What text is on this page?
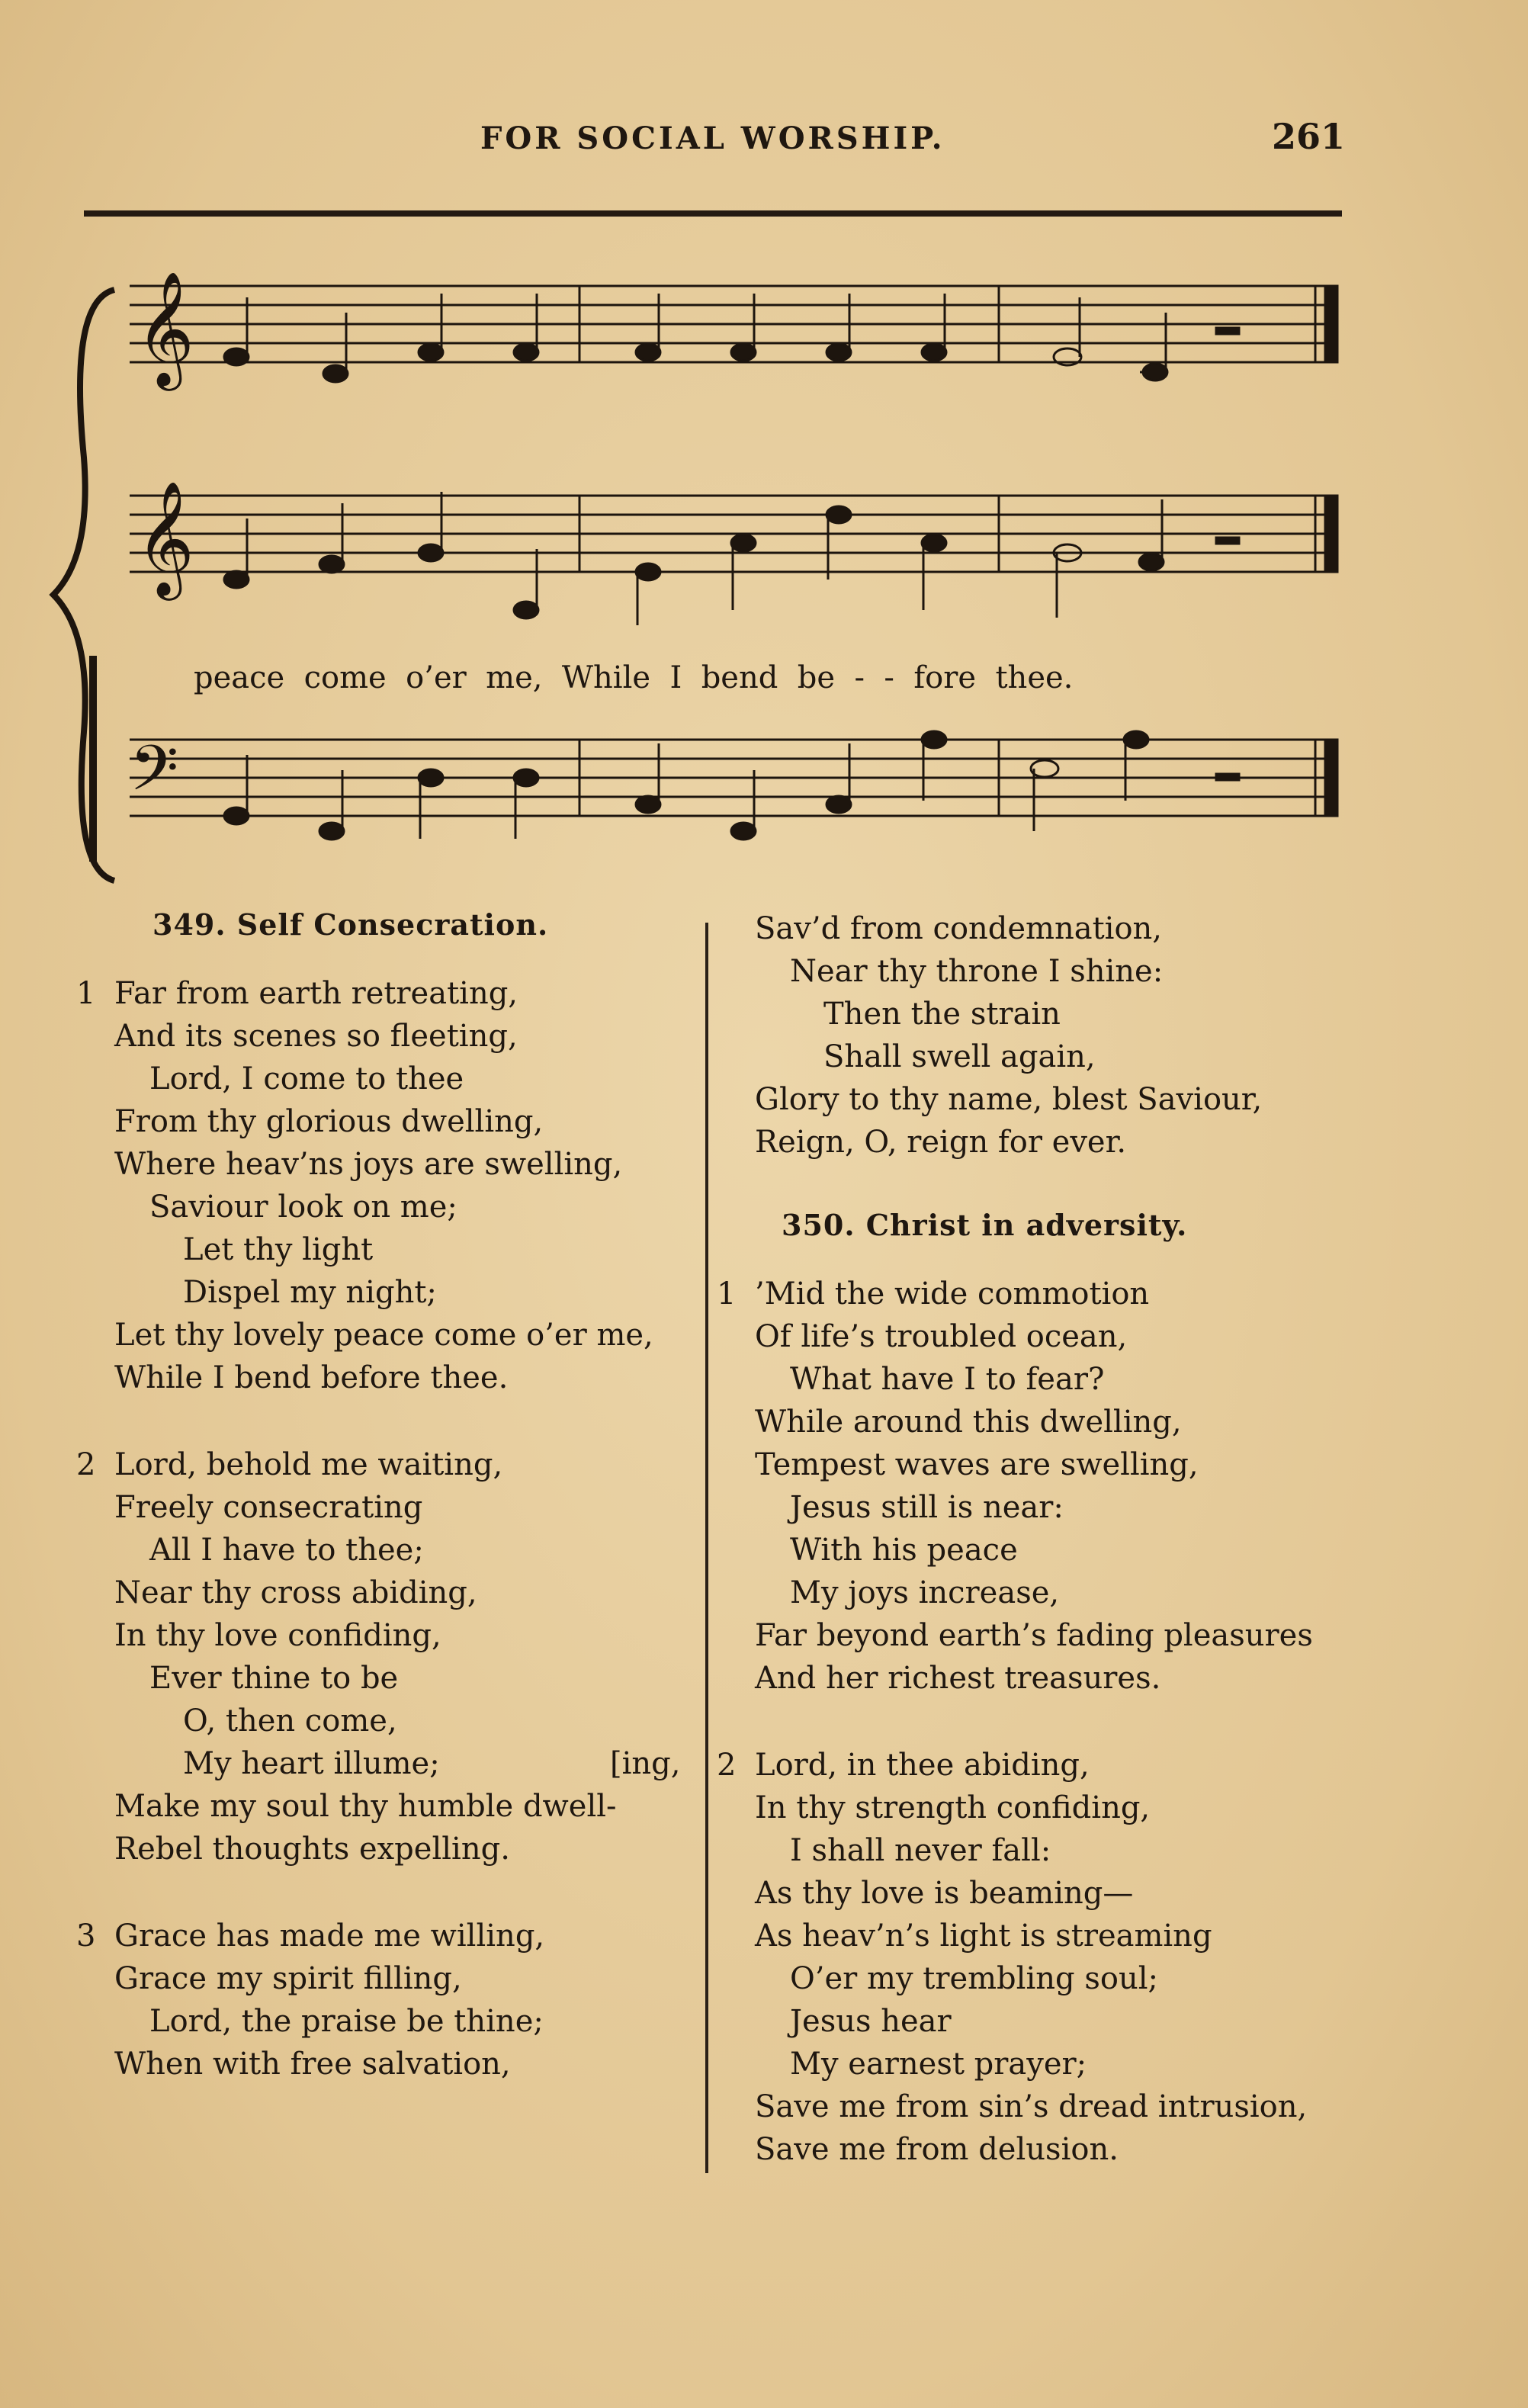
FOR SOCIAL WORSHIP.	261
𝄞
𝄞
𝄢
peace  come  o’er  me,  While  I  bend  be  -  -  fore  thee.
349. Self Consecration.
1 Far from earth retreating,
And its scenes so fleeting,
Lord, I come to thee
From thy glorious dwelling,
Where heav’ns joys are swelling,
Saviour look on me;
Let thy light
Dispel my night;
Let thy lovely peace come o’er me,
While I bend before thee.
2 Lord, behold me waiting,
Freely consecrating
All I have to thee;
Near thy cross abiding,
In thy love confiding,
Ever thine to be
O, then come,
My heart illume;	[ing,
Make my soul thy humble dwell-
Rebel thoughts expelling.
3 Grace has made me willing,
Grace my spirit filling,
Lord, the praise be thine;
When with free salvation,
Sav’d from condemnation,
Near thy throne I shine:
Then the strain
Shall swell again,
Glory to thy name, blest Saviour,
Reign, O, reign for ever.
350. Christ in adversity.
1 ’Mid the wide commotion
Of life’s troubled ocean,
What have I to fear?
While around this dwelling,
Tempest waves are swelling,
Jesus still is near:
With his peace
My joys increase,
Far beyond earth’s fading pleasures
And her richest treasures.
2 Lord, in thee abiding,
In thy strength confiding,
I shall never fall:
As thy love is beaming—
As heav’n’s light is streaming
O’er my trembling soul;
Jesus hear
My earnest prayer;
Save me from sin’s dread intrusion,
Save me from delusion.
